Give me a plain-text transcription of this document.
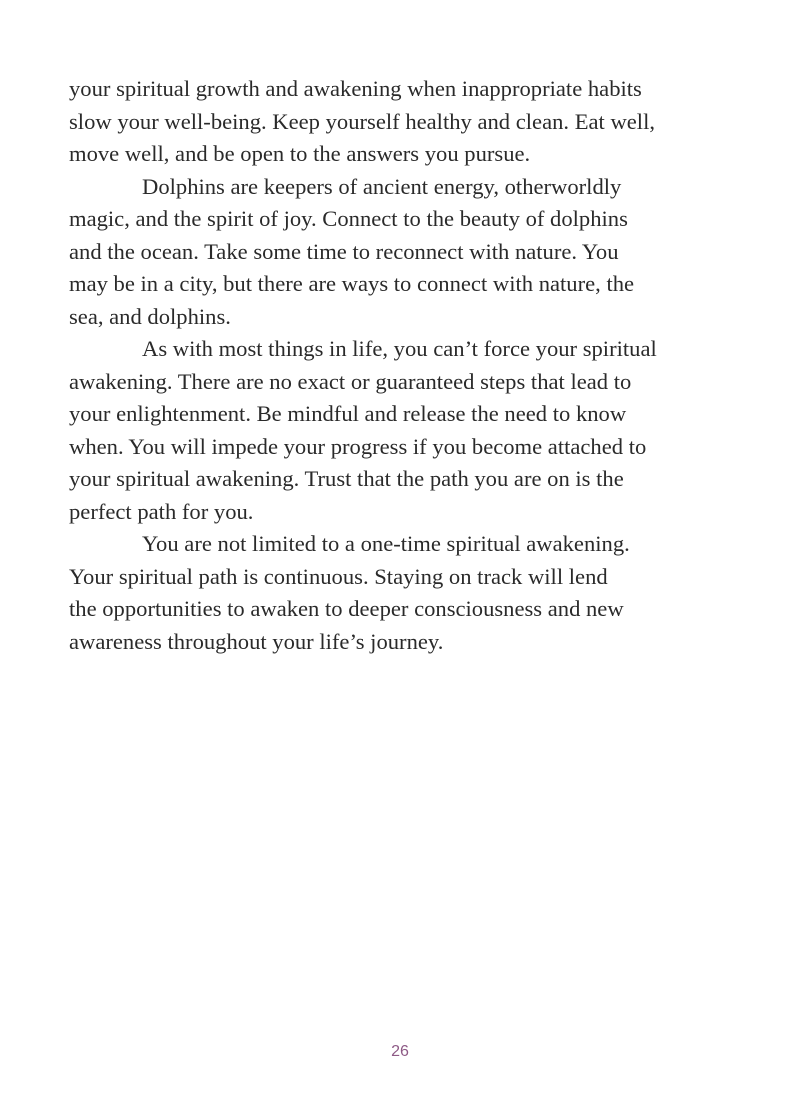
your spiritual growth and awakening when inappropriate habits
slow your well-being. Keep yourself healthy and clean. Eat well,
move well, and be open to the answers you pursue.
Dolphins are keepers of ancient energy, otherworldly
magic, and the spirit of joy. Connect to the beauty of dolphins
and the ocean. Take some time to reconnect with nature. You
may be in a city, but there are ways to connect with nature, the
sea, and dolphins.
As with most things in life, you can’t force your spiritual
awakening. There are no exact or guaranteed steps that lead to
your enlightenment. Be mindful and release the need to know
when. You will impede your progress if you become attached to
your spiritual awakening. Trust that the path you are on is the
perfect path for you.
You are not limited to a one-time spiritual awakening.
Your spiritual path is continuous. Staying on track will lend
the opportunities to awaken to deeper consciousness and new
awareness throughout your life’s journey.
26
